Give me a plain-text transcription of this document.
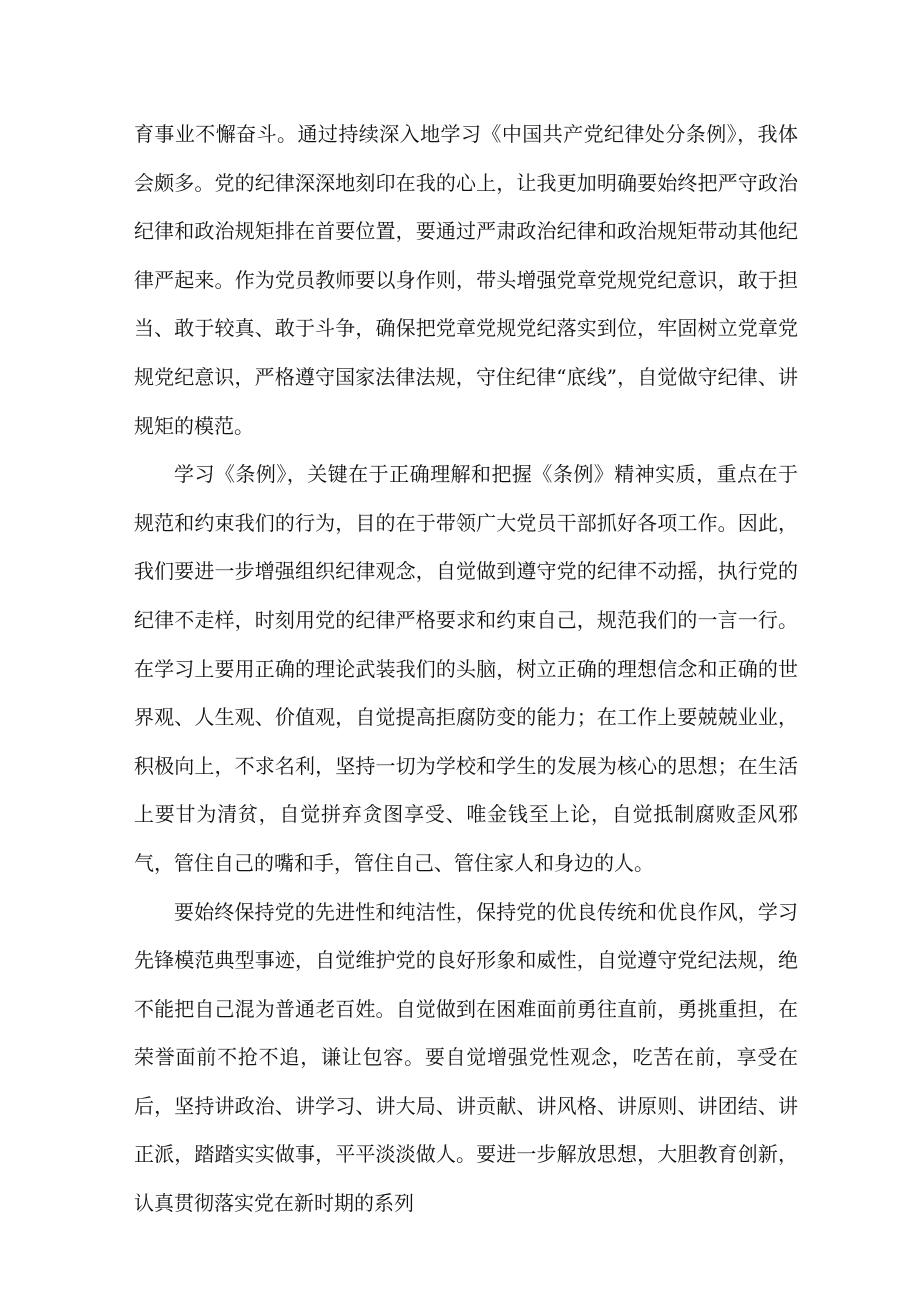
育事业不懈奋斗。通过持续深入地学习《中国共产党纪律处分条例》，我体会颇多。党的纪律深深地刻印在我的心上，让我更加明确要始终把严守政治纪律和政治规矩排在首要位置，要通过严肃政治纪律和政治规矩带动其他纪律严起来。作为党员教师要以身作则，带头增强党章党规党纪意识，敢于担当、敢于较真、敢于斗争，确保把党章党规党纪落实到位，牢固树立党章党规党纪意识，严格遵守国家法律法规，守住纪律“底线”，自觉做守纪律、讲规矩的模范。

学习《条例》，关键在于正确理解和把握《条例》精神实质，重点在于规范和约束我们的行为，目的在于带领广大党员干部抓好各项工作。因此，我们要进一步增强组织纪律观念，自觉做到遵守党的纪律不动摇，执行党的纪律不走样，时刻用党的纪律严格要求和约束自己，规范我们的一言一行。在学习上要用正确的理论武装我们的头脑，树立正确的理想信念和正确的世界观、人生观、价值观，自觉提高拒腐防变的能力；在工作上要兢兢业业，积极向上，不求名利，坚持一切为学校和学生的发展为核心的思想；在生活上要甘为清贫，自觉拼弃贪图享受、唯金钱至上论，自觉抵制腐败歪风邪气，管住自己的嘴和手，管住自己、管住家人和身边的人。

要始终保持党的先进性和纯洁性，保持党的优良传统和优良作风，学习先锋模范典型事迹，自觉维护党的良好形象和威性，自觉遵守党纪法规，绝不能把自己混为普通老百姓。自觉做到在困难面前勇往直前，勇挑重担，在荣誉面前不抢不追，谦让包容。要自觉增强党性观念，吃苦在前，享受在后，坚持讲政治、讲学习、讲大局、讲贡献、讲风格、讲原则、讲团结、讲正派，踏踏实实做事，平平淡淡做人。要进一步解放思想，大胆教育创新，认真贯彻落实党在新时期的系列
